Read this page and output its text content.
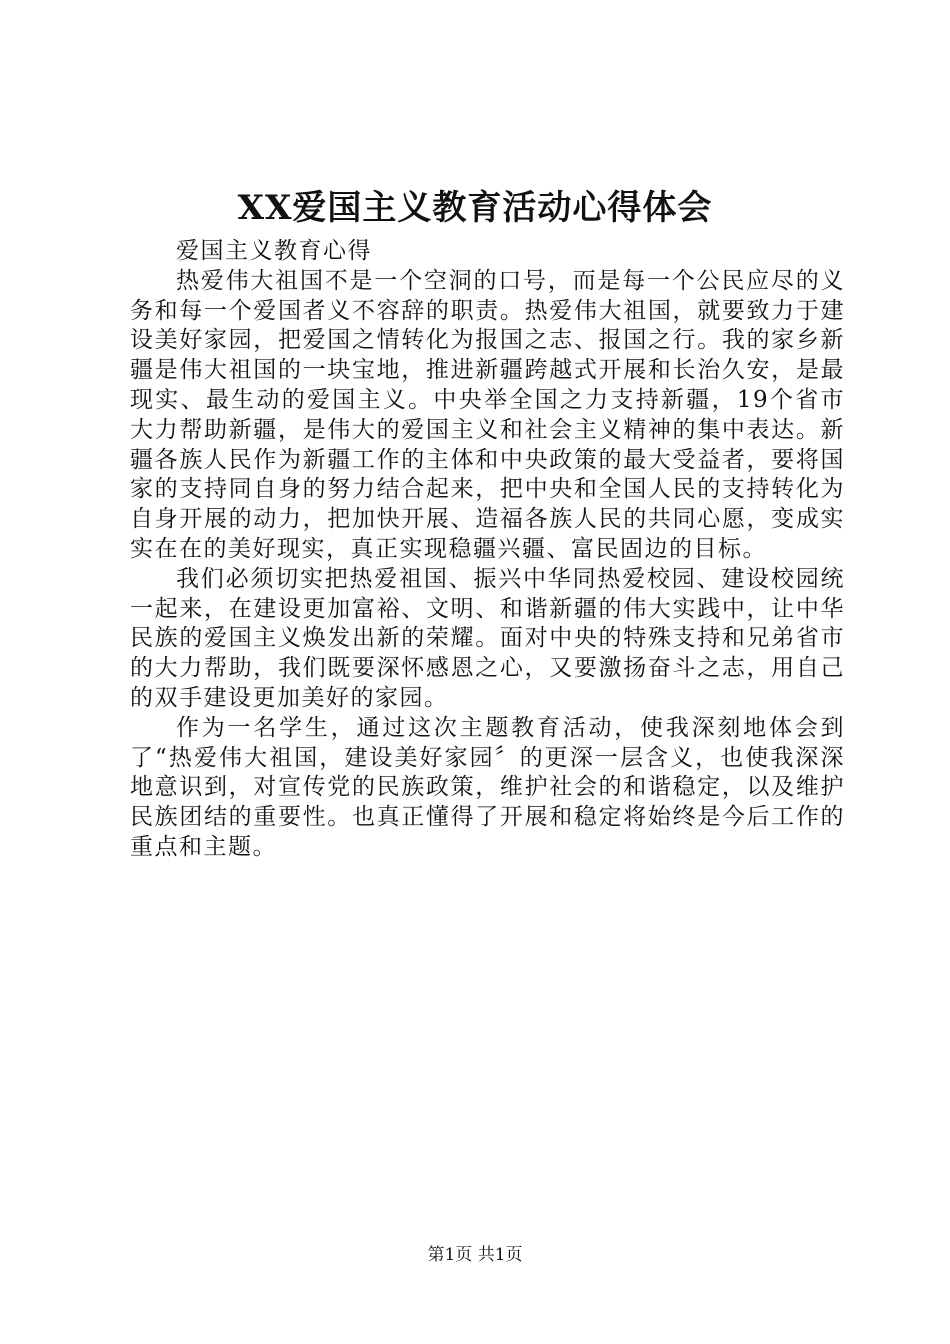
XX爱国主义教育活动心得体会

爱国主义教育心得

热爱伟大祖国不是一个空洞的口号，而是每一个公民应尽的义务和每一个爱国者义不容辞的职责。热爱伟大祖国，就要致力于建设美好家园，把爱国之情转化为报国之志、报国之行。我的家乡新疆是伟大祖国的一块宝地，推进新疆跨越式开展和长治久安，是最现实、最生动的爱国主义。中央举全国之力支持新疆，19个省市大力帮助新疆，是伟大的爱国主义和社会主义精神的集中表达。新疆各族人民作为新疆工作的主体和中央政策的最大受益者，要将国家的支持同自身的努力结合起来，把中央和全国人民的支持转化为自身开展的动力，把加快开展、造福各族人民的共同心愿，变成实实在在的美好现实，真正实现稳疆兴疆、富民固边的目标。

我们必须切实把热爱祖国、振兴中华同热爱校园、建设校园统一起来，在建设更加富裕、文明、和谐新疆的伟大实践中，让中华民族的爱国主义焕发出新的荣耀。面对中央的特殊支持和兄弟省市的大力帮助，我们既要深怀感恩之心，又要激扬奋斗之志，用自己的双手建设更加美好的家园。

作为一名学生，通过这次主题教育活动，使我深刻地体会到了“热爱伟大祖国，建设美好家园〞的更深一层含义，也使我深深地意识到，对宣传党的民族政策，维护社会的和谐稳定，以及维护民族团结的重要性。也真正懂得了开展和稳定将始终是今后工作的重点和主题。

第1页 共1页
